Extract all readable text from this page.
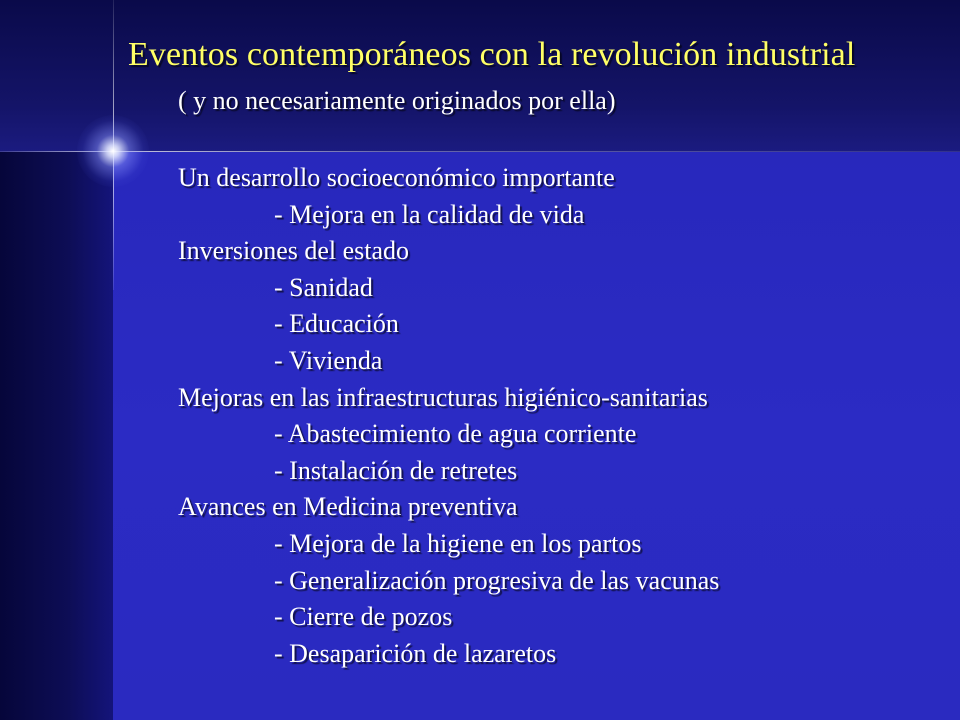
Eventos contemporáneos con la revolución industrial

( y no necesariamente originados por ella)

Un desarrollo socioeconómico importante
- Mejora en la calidad de vida
Inversiones del estado
- Sanidad
- Educación
- Vivienda
Mejoras en las infraestructuras higiénico-sanitarias
- Abastecimiento de agua corriente
- Instalación de retretes
Avances en Medicina preventiva
- Mejora de la higiene en los partos
- Generalización progresiva de las vacunas
- Cierre de pozos
- Desaparición de lazaretos
